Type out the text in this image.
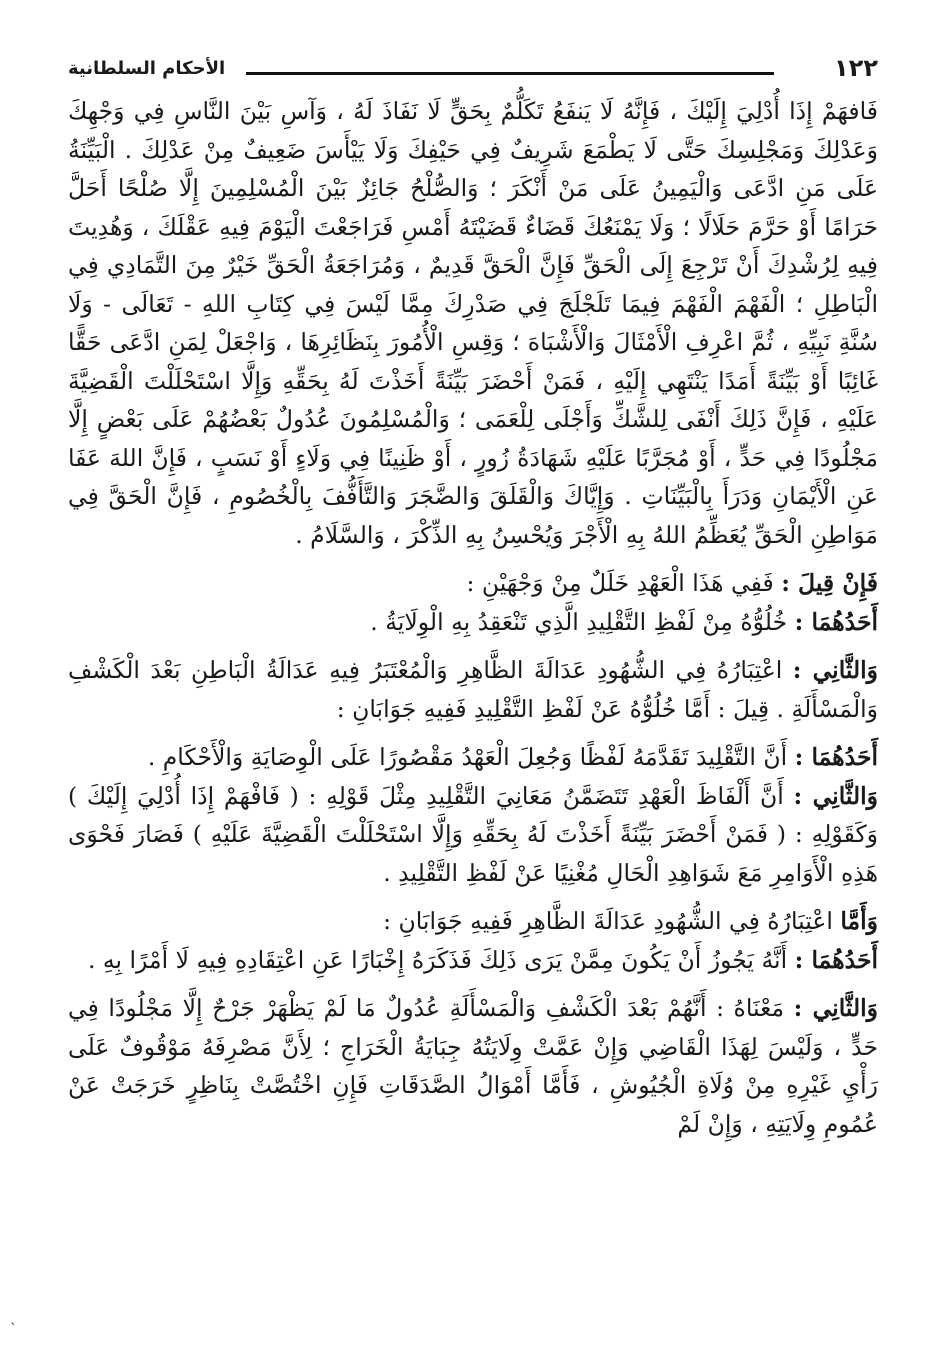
١٢٢
الأحكام السلطانية

فَافهَمْ إِذَا أُدْلِيَ إِلَيْكَ ، فَإِنَّهُ لَا يَنفَعُ تَكَلُّمٌ بِحَقٍّ لَا نَفَاذَ لَهُ ، وَآسِ بَيْنَ النَّاسِ فِي وَجْهِكَ وَعَدْلِكَ وَمَجْلِسِكَ حَتَّى لَا يَطْمَعَ شَرِيفٌ فِي حَيْفِكَ وَلَا يَيْأَسَ ضَعِيفٌ مِنْ عَدْلِكَ . الْبَيِّنَةُ عَلَى مَنِ ادَّعَى وَالْيَمِينُ عَلَى مَنْ أَنْكَرَ ؛ وَالصُّلْحُ جَائِزٌ بَيْنَ الْمُسْلِمِينَ إِلَّا صُلْحًا أَحَلَّ حَرَامًا أَوْ حَرَّمَ حَلَالًا ؛ وَلَا يَمْنَعُكَ قَضَاءٌ قَضَيْتَهُ أَمْسِ فَرَاجَعْتَ الْيَوْمَ فِيهِ عَقْلَكَ ، وَهُدِيتَ فِيهِ لِرُشْدِكَ أَنْ تَرْجِعَ إِلَى الْحَقِّ فَإِنَّ الْحَقَّ قَدِيمٌ ، وَمُرَاجَعَةُ الْحَقِّ خَيْرٌ مِنَ التَّمَادِي فِي الْبَاطِلِ ؛ الْفَهْمَ الْفَهْمَ فِيمَا تَلَجْلَجَ فِي صَدْرِكَ مِمَّا لَيْسَ فِي كِتَابِ اللهِ - تَعَالَى - وَلَا سُنَّةِ نَبِيِّهِ ، ثُمَّ اعْرِفِ الْأَمْثَالَ وَالْأَشْبَاهَ ؛ وَقِسِ الْأُمُورَ بِنَظَائِرِهَا ، وَاجْعَلْ لِمَنِ ادَّعَى حَقًّا غَائِبًا أَوْ بَيِّنَةً أَمَدًا يَنْتَهِي إِلَيْهِ ، فَمَنْ أَحْضَرَ بَيِّنَةً أَخَذْتَ لَهُ بِحَقِّهِ وَإِلَّا اسْتَحْلَلْتَ الْقَضِيَّةَ عَلَيْهِ ، فَإِنَّ ذَلِكَ أَنْفَى لِلشَّكِّ وَأَجْلَى لِلْعَمَى ؛ وَالْمُسْلِمُونَ عُدُولٌ بَعْضُهُمْ عَلَى بَعْضٍ إِلَّا مَجْلُودًا فِي حَدٍّ ، أَوْ مُجَرَّبًا عَلَيْهِ شَهَادَةُ زُورٍ ، أَوْ ظَنِينًا فِي وَلَاءٍ أَوْ نَسَبٍ ، فَإِنَّ اللهَ عَفَا عَنِ الْأَيْمَانِ وَدَرَأَ بِالْبَيِّنَاتِ . وَإِيَّاكَ وَالْقَلَقَ وَالضَّجَرَ وَالتَّأَفُّفَ بِالْخُصُومِ ، فَإِنَّ الْحَقَّ فِي مَوَاطِنِ الْحَقِّ يُعَظِّمُ اللهُ بِهِ الْأَجْرَ وَيُحْسِنُ بِهِ الذِّكْرَ ، وَالسَّلَامُ .

فَإِنْ قِيلَ : فَفِي هَذَا الْعَهْدِ خَلَلٌ مِنْ وَجْهَيْنِ :

أَحَدُهُمَا : خُلُوُّهُ مِنْ لَفْظِ التَّقْلِيدِ الَّذِي تَنْعَقِدُ بِهِ الْوِلَايَةُ .

وَالثَّانِي : اعْتِبَارُهُ فِي الشُّهُودِ عَدَالَةَ الظَّاهِرِ وَالْمُعْتَبَرُ فِيهِ عَدَالَةُ الْبَاطِنِ بَعْدَ الْكَشْفِ وَالْمَسْأَلَةِ . قِيلَ : أَمَّا خُلُوُّهُ عَنْ لَفْظِ التَّقْلِيدِ فَفِيهِ جَوَابَانِ :

أَحَدُهُمَا : أَنَّ التَّقْلِيدَ تَقَدَّمَهُ لَفْظًا وَجُعِلَ الْعَهْدُ مَقْصُورًا عَلَى الْوِصَايَةِ وَالْأَحْكَامِ .

وَالثَّانِي : أَنَّ أَلْفَاظَ الْعَهْدِ تَتَضَمَّنُ مَعَانِيَ التَّقْلِيدِ مِثْلَ قَوْلِهِ : ( فَافْهَمْ إِذَا أُدْلِيَ إِلَيْكَ ) وَكَقَوْلِهِ : ( فَمَنْ أَحْضَرَ بَيِّنَةً أَخَذْتَ لَهُ بِحَقِّهِ وَإِلَّا اسْتَحْلَلْتَ الْقَضِيَّةَ عَلَيْهِ ) فَصَارَ فَحْوَى هَذِهِ الْأَوَامِرِ مَعَ شَوَاهِدِ الْحَالِ مُغْنِيًا عَنْ لَفْظِ التَّقْلِيدِ .

وَأَمَّا اعْتِبَارُهُ فِي الشُّهُودِ عَدَالَةَ الظَّاهِرِ فَفِيهِ جَوَابَانِ :

أَحَدُهُمَا : أَنَّهُ يَجُوزُ أَنْ يَكُونَ مِمَّنْ يَرَى ذَلِكَ فَذَكَرَهُ إِخْبَارًا عَنِ اعْتِقَادِهِ فِيهِ لَا أَمْرًا بِهِ .

وَالثَّانِي : مَعْنَاهُ : أَنَّهُمْ بَعْدَ الْكَشْفِ وَالْمَسْأَلَةِ عُدُولٌ مَا لَمْ يَظْهَرْ جَرْحٌ إِلَّا مَجْلُودًا فِي حَدٍّ ، وَلَيْسَ لِهَذَا الْقَاضِي وَإِنْ عَمَّتْ وِلَايَتُهُ جِبَايَةُ الْخَرَاجِ ؛ لِأَنَّ مَصْرِفَهُ مَوْقُوفٌ عَلَى رَأْيِ غَيْرِهِ مِنْ وُلَاةِ الْجُيُوشِ ، فَأَمَّا أَمْوَالُ الصَّدَقَاتِ فَإِنِ اخْتُصَّتْ بِنَاظِرٍ خَرَجَتْ عَنْ عُمُومِ وِلَايَتِهِ ، وَإِنْ لَمْ

`
